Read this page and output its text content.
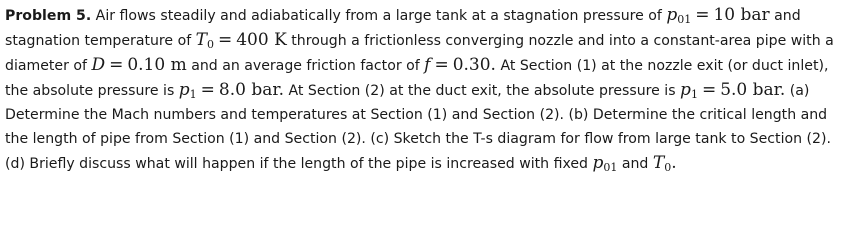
Problem 5. Air flows steadily and adiabatically from a large tank at a stagnation pressure of $p_{01} = 10$ bar and stagnation temperature of $T_0 = 400$ K through a frictionless converging nozzle and into a constant-area pipe with a diameter of D = 0.10 m and an average friction factor of f = 0.30. At Section (1) at the nozzle exit (or duct inlet), the absolute pressure is $p_1 = 8.0$ bar. At Section (2) at the duct exit, the absolute pressure is $p_1 = 5.0$ bar. (a) Determine the Mach numbers and temperatures at Section (1) and Section (2). (b) Determine the critical length and the length of pipe from Section (1) and Section (2). (c) Sketch the T-s diagram for flow from large tank to Section (2). (d) Briefly discuss what will happen if the length of the pipe is increased with fixed $p_{01}$ and $T_0$.
